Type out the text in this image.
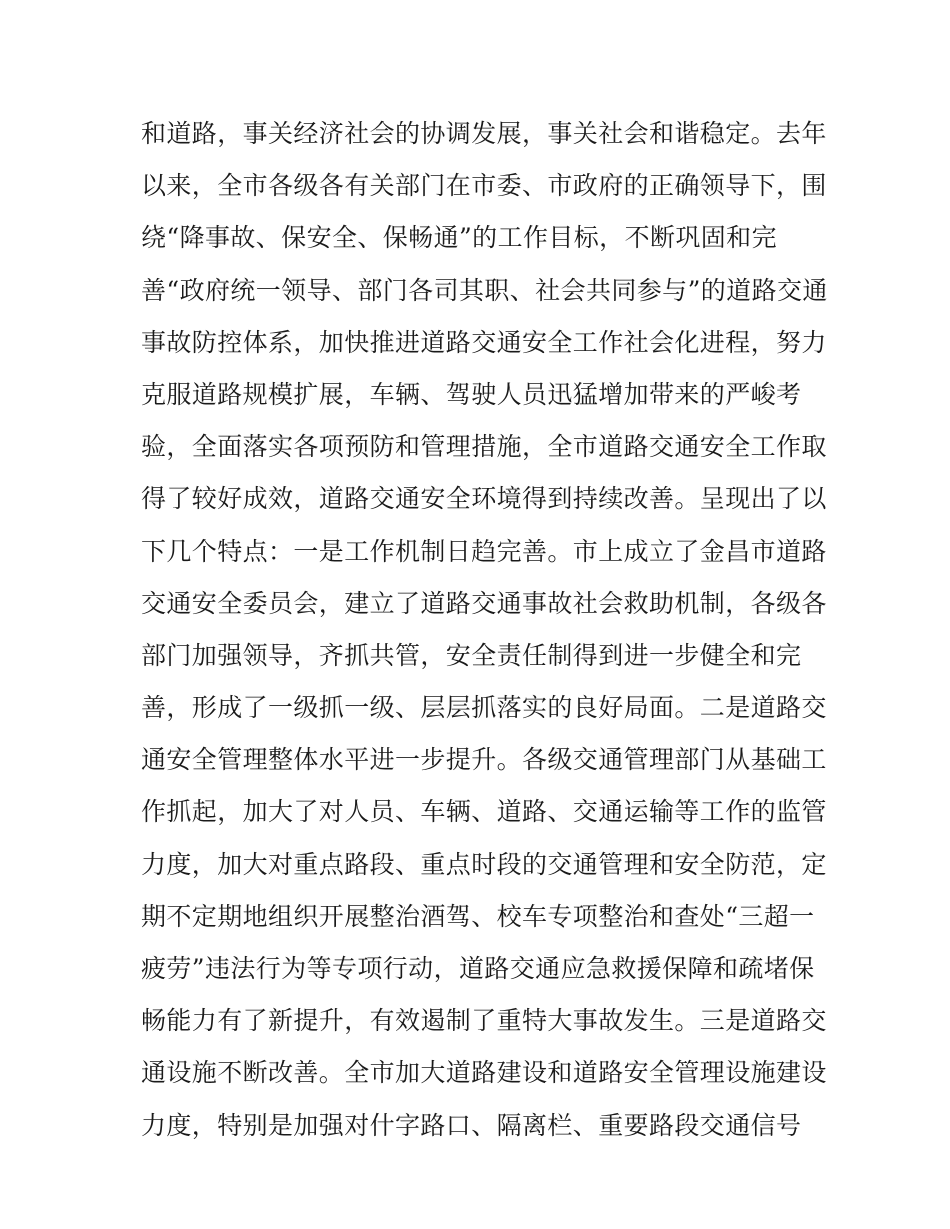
和道路，事关经济社会的协调发展，事关社会和谐稳定。去年
以来，全市各级各有关部门在市委、市政府的正确领导下，围
绕“降事故、保安全、保畅通”的工作目标，不断巩固和完
善“政府统一领导、部门各司其职、社会共同参与”的道路交通
事故防控体系，加快推进道路交通安全工作社会化进程，努力
克服道路规模扩展，车辆、驾驶人员迅猛增加带来的严峻考
验，全面落实各项预防和管理措施，全市道路交通安全工作取
得了较好成效，道路交通安全环境得到持续改善。呈现出了以
下几个特点：一是工作机制日趋完善。市上成立了金昌市道路
交通安全委员会，建立了道路交通事故社会救助机制，各级各
部门加强领导，齐抓共管，安全责任制得到进一步健全和完
善，形成了一级抓一级、层层抓落实的良好局面。二是道路交
通安全管理整体水平进一步提升。各级交通管理部门从基础工
作抓起，加大了对人员、车辆、道路、交通运输等工作的监管
力度，加大对重点路段、重点时段的交通管理和安全防范，定
期不定期地组织开展整治酒驾、校车专项整治和查处“三超一
疲劳”违法行为等专项行动，道路交通应急救援保障和疏堵保
畅能力有了新提升，有效遏制了重特大事故发生。三是道路交
通设施不断改善。全市加大道路建设和道路安全管理设施建设
力度，特别是加强对什字路口、隔离栏、重要路段交通信号
